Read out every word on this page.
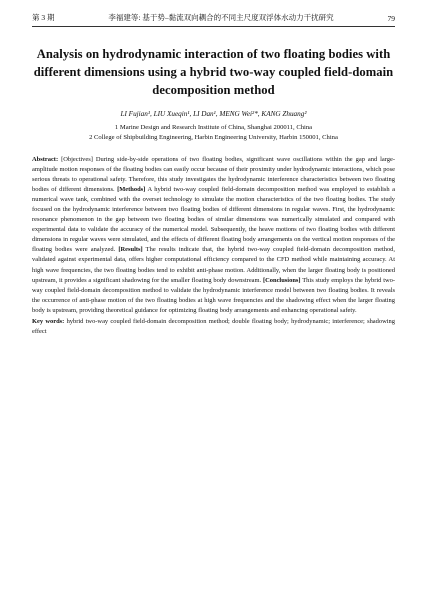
第 3 期	李福建等: 基于势–黏流双向耦合的不同主尺度双浮体水动力干扰研究	79
Analysis on hydrodynamic interaction of two floating bodies with different dimensions using a hybrid two-way coupled field-domain decomposition method
LI Fujian¹, LIU Xueqin¹, LI Dan¹, MENG Wei²*, KANG Zhuang²
1 Marine Design and Research Institute of China, Shanghai 200011, China
2 College of Shipbuilding Engineering, Harbin Engineering University, Harbin 150001, China
Abstract: [Objectives] During side-by-side operations of two floating bodies, significant wave oscillations within the gap and large-amplitude motion responses of the floating bodies can easily occur because of their proximity under hydrodynamic interactions, which pose serious threats to operational safety. Therefore, this study investigates the hydrodynamic interference characteristics between two floating bodies of different dimensions. [Methods] A hybrid two-way coupled field-domain decomposition method was employed to establish a numerical wave tank, combined with the overset technology to simulate the motion characteristics of the two floating bodies. The study focused on the hydrodynamic interference between two floating bodies of different dimensions in regular waves. First, the hydrodynamic resonance phenomenon in the gap between two floating bodies of similar dimensions was numerically simulated and compared with experimental data to validate the accuracy of the numerical model. Subsequently, the heave motions of two floating bodies with different dimensions in regular waves were simulated, and the effects of different floating body arrangements on the vertical motion responses of the floating bodies were analyzed. [Results] The results indicate that, the hybrid two-way coupled field-domain decomposition method, validated against experimental data, offers higher computational efficiency compared to the CFD method while maintaining accuracy. At high wave frequencies, the two floating bodies tend to exhibit anti-phase motion. Additionally, when the larger floating body is positioned upstream, it provides a significant shadowing for the smaller floating body downstream. [Conclusions] This study employs the hybrid two-way coupled field-domain decomposition method to validate the hydrodynamic interference model between two floating bodies. It reveals the occurrence of anti-phase motion of the two floating bodies at high wave frequencies and the shadowing effect when the larger floating body is upstream, providing theoretical guidance for optimizing floating body arrangements and enhancing operational safety.
Key words: hybrid two-way coupled field-domain decomposition method; double floating body; hydrodynamic; interference; shadowing effect
